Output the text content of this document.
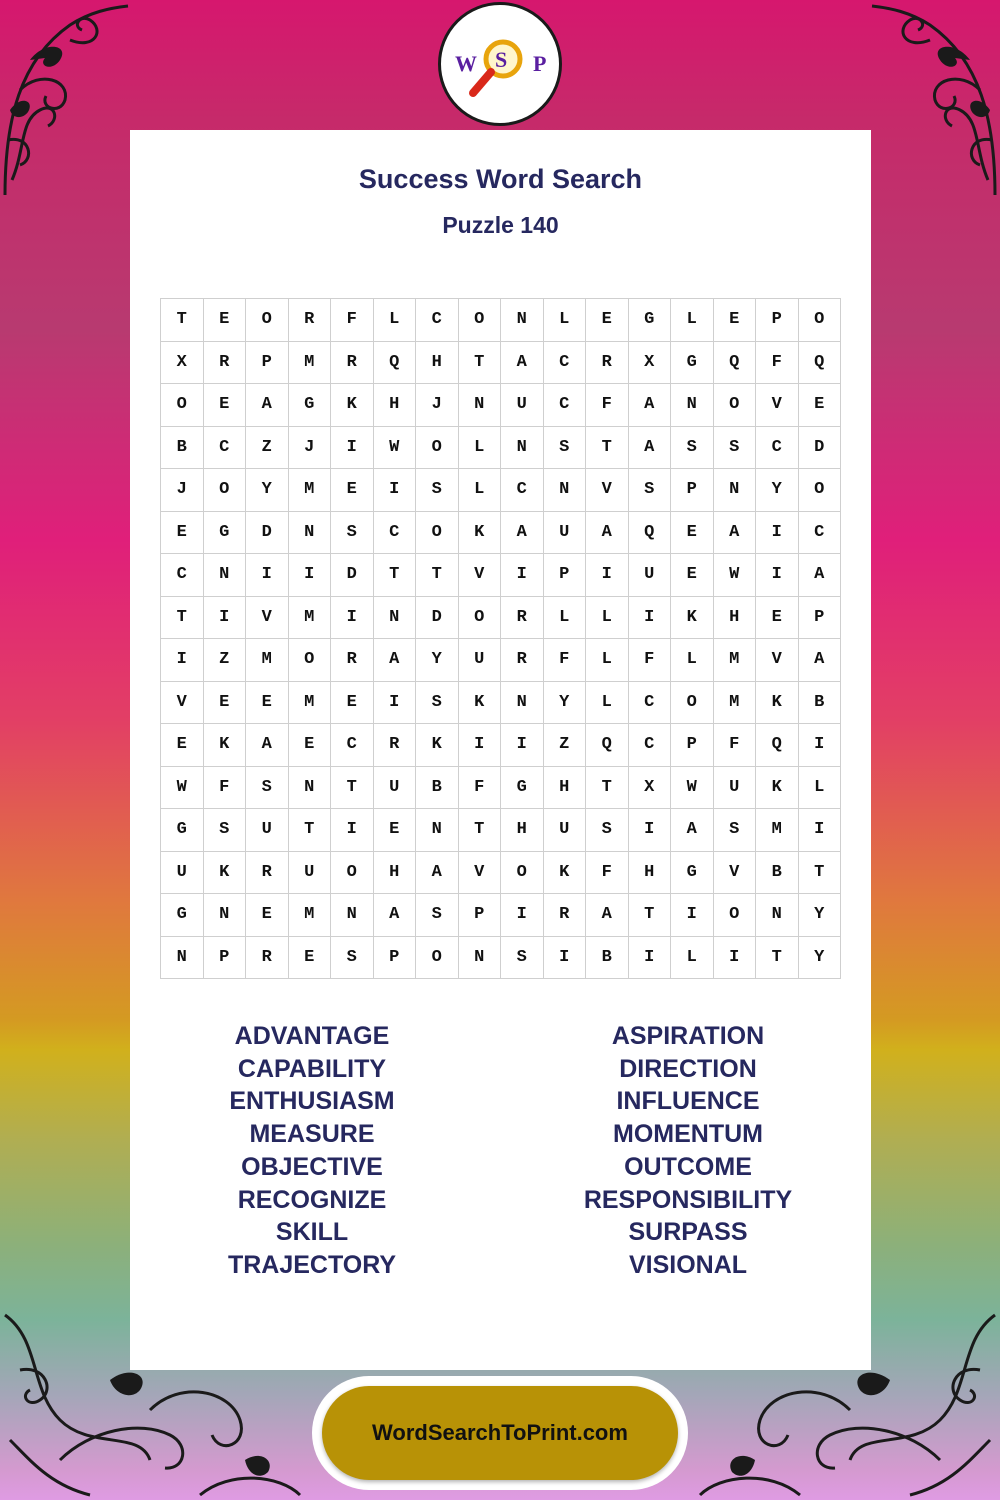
W S P
Success Word Search
Puzzle 140
T	E	O	R	F	L	C	O	N	L	E	G	L	E	P	O
X	R	P	M	R	Q	H	T	A	C	R	X	G	Q	F	Q
O	E	A	G	K	H	J	N	U	C	F	A	N	O	V	E
B	C	Z	J	I	W	O	L	N	S	T	A	S	S	C	D
J	O	Y	M	E	I	S	L	C	N	V	S	P	N	Y	O
E	G	D	N	S	C	O	K	A	U	A	Q	E	A	I	C
C	N	I	I	D	T	T	V	I	P	I	U	E	W	I	A
T	I	V	M	I	N	D	O	R	L	L	I	K	H	E	P
I	Z	M	O	R	A	Y	U	R	F	L	F	L	M	V	A
V	E	E	M	E	I	S	K	N	Y	L	C	O	M	K	B
E	K	A	E	C	R	K	I	I	Z	Q	C	P	F	Q	I
W	F	S	N	T	U	B	F	G	H	T	X	W	U	K	L
G	S	U	T	I	E	N	T	H	U	S	I	A	S	M	I
U	K	R	U	O	H	A	V	O	K	F	H	G	V	B	T
G	N	E	M	N	A	S	P	I	R	A	T	I	O	N	Y
N	P	R	E	S	P	O	N	S	I	B	I	L	I	T	Y
ADVANTAGE
CAPABILITY
ENTHUSIASM
MEASURE
OBJECTIVE
RECOGNIZE
SKILL
TRAJECTORY
ASPIRATION
DIRECTION
INFLUENCE
MOMENTUM
OUTCOME
RESPONSIBILITY
SURPASS
VISIONAL
WordSearchToPrint.com
